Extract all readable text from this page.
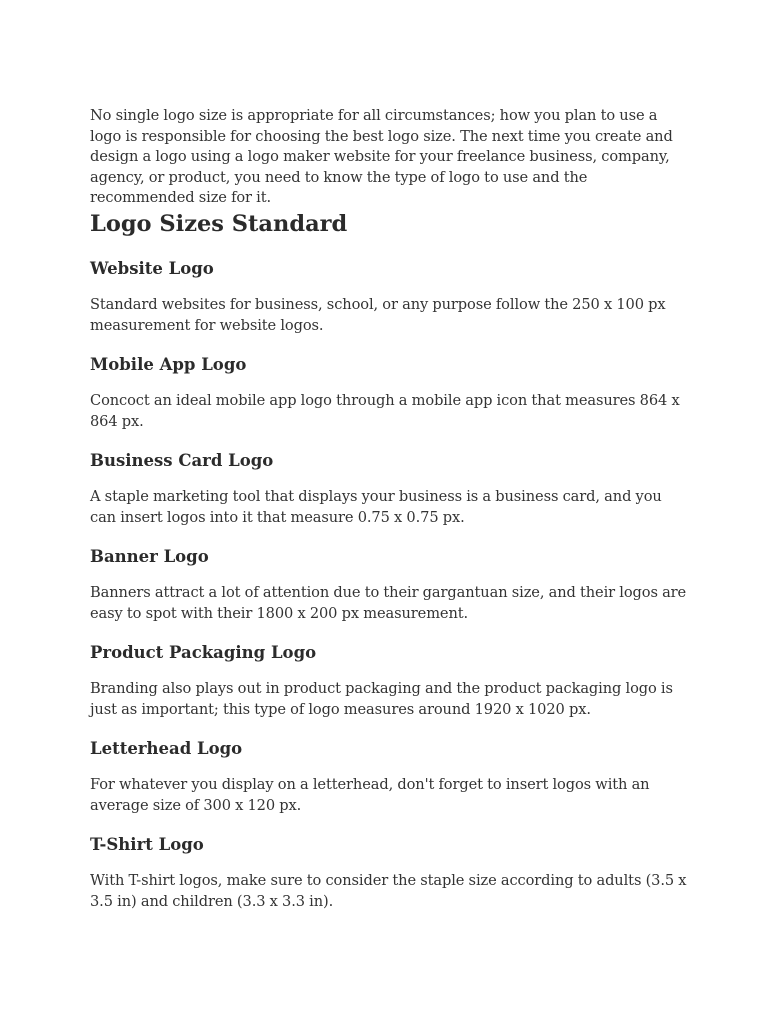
No single logo size is appropriate for all circumstances; how you plan to use a logo is responsible for choosing the best logo size. The next time you create and design a logo using a logo maker website for your freelance business, company, agency, or product, you need to know the type of logo to use and the recommended size for it.

Logo Sizes Standard
Website Logo

Standard websites for business, school, or any purpose follow the 250 x 100 px measurement for website logos.

Mobile App Logo

Concoct an ideal mobile app logo through a mobile app icon that measures 864 x 864 px.

Business Card Logo

A staple marketing tool that displays your business is a business card, and you can insert logos into it that measure 0.75 x 0.75 px.

Banner Logo

Banners attract a lot of attention due to their gargantuan size, and their logos are easy to spot with their 1800 x 200 px measurement.

Product Packaging Logo

Branding also plays out in product packaging and the product packaging logo is just as important; this type of logo measures around 1920 x 1020 px.

Letterhead Logo

For whatever you display on a letterhead, don't forget to insert logos with an average size of 300 x 120 px.

T-Shirt Logo

With T-shirt logos, make sure to consider the staple size according to adults (3.5 x 3.5 in) and children (3.3 x 3.3 in).
